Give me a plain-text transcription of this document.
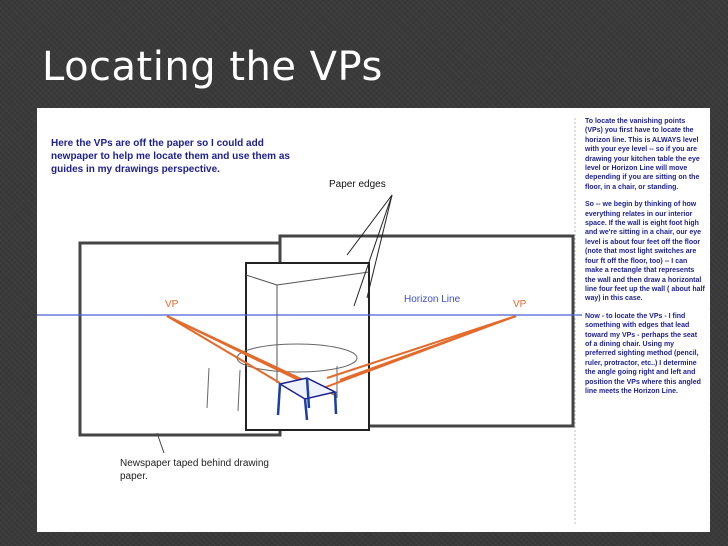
Locating the VPs
Here the VPs are off the paper so I could add newpaper to help me locate them and use them as guides in my drawings perspective.
Paper edges
Horizon Line
VP	VP
Newspaper taped behind drawing paper.

To locate the vanishing points (VPs) you first have to locate the horizon line. This is ALWAYS level with your eye level -- so if you are drawing your kitchen table the eye level or Horizon Line will move depending if you are sitting on the floor, in a chair, or standing.

So -- we begin by thinking of how everything relates in our interior space. If the wall is eight foot high and we're sitting in a chair, our eye level is about four feet off the floor (note that most light switches are four ft off the floor, too) -- I can make a rectangle that represents the wall and then draw a horizontal line four feet up the wall ( about half way) in this case.

Now - to locate the VPs - I find something with edges that lead toward my VPs - perhaps the seat of a dining chair. Using my preferred sighting method (pencil, ruler, protractor, etc..) I determine the angle going right and left and position the VPs where this angled line meets the Horizon Line.
